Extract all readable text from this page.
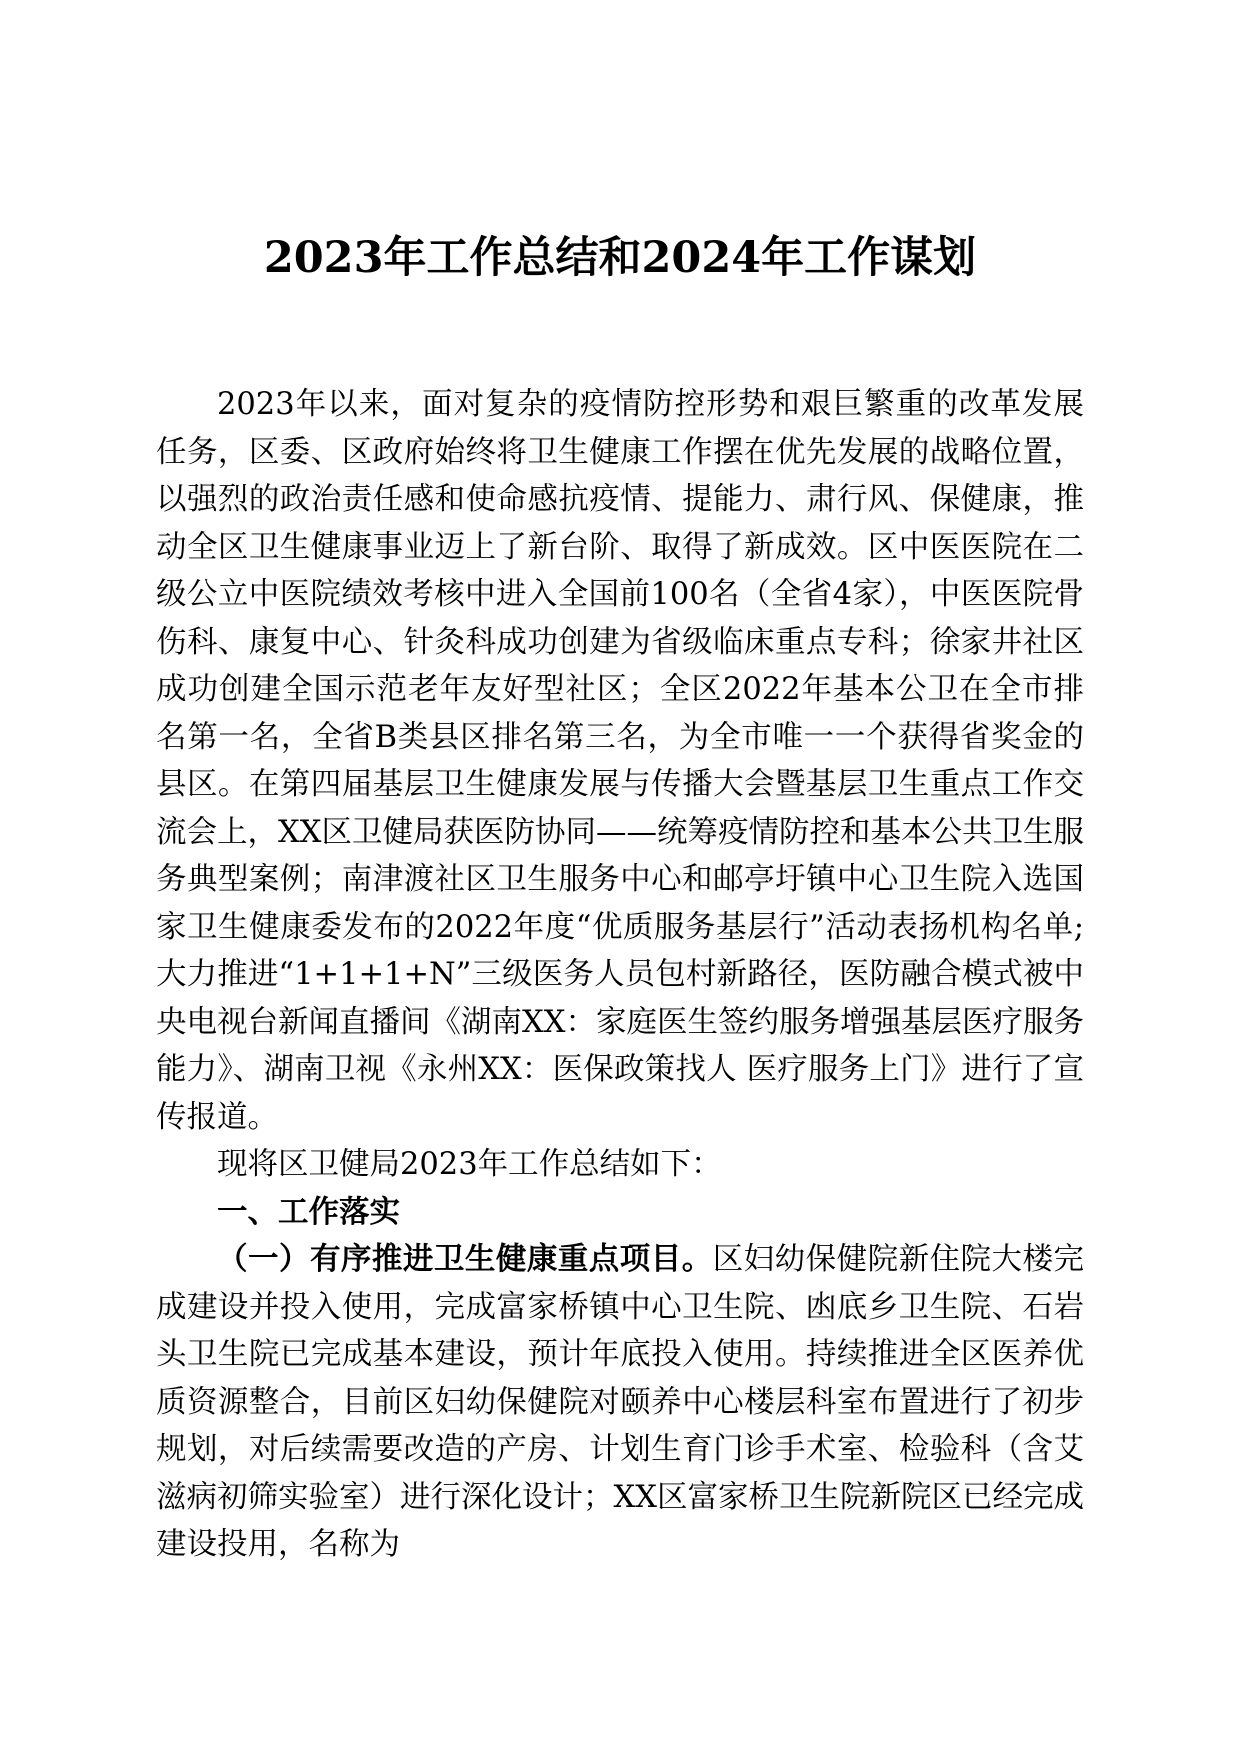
2023年工作总结和2024年工作谋划

2023年以来，面对复杂的疫情防控形势和艰巨繁重的改革发展任务，区委、区政府始终将卫生健康工作摆在优先发展的战略位置，以强烈的政治责任感和使命感抗疫情、提能力、肃行风、保健康，推动全区卫生健康事业迈上了新台阶、取得了新成效。区中医医院在二级公立中医院绩效考核中进入全国前100名（全省4家），中医医院骨伤科、康复中心、针灸科成功创建为省级临床重点专科；徐家井社区成功创建全国示范老年友好型社区；全区2022年基本公卫在全市排名第一名，全省B类县区排名第三名，为全市唯一一个获得省奖金的县区。在第四届基层卫生健康发展与传播大会暨基层卫生重点工作交流会上，XX区卫健局获医防协同——统筹疫情防控和基本公共卫生服务典型案例；南津渡社区卫生服务中心和邮亭圩镇中心卫生院入选国家卫生健康委发布的2022年度“优质服务基层行”活动表扬机构名单;大力推进“1+1+1+N”三级医务人员包村新路径，医防融合模式被中央电视台新闻直播间《湖南XX：家庭医生签约服务增强基层医疗服务能力》、湖南卫视《永州XX：医保政策找人 医疗服务上门》进行了宣传报道。

现将区卫健局2023年工作总结如下：

一、工作落实

（一）有序推进卫生健康重点项目。区妇幼保健院新住院大楼完成建设并投入使用，完成富家桥镇中心卫生院、凼底乡卫生院、石岩头卫生院已完成基本建设，预计年底投入使用。持续推进全区医养优质资源整合，目前区妇幼保健院对颐养中心楼层科室布置进行了初步规划，对后续需要改造的产房、计划生育门诊手术室、检验科（含艾滋病初筛实验室）进行深化设计；XX区富家桥卫生院新院区已经完成建设投用，名称为
